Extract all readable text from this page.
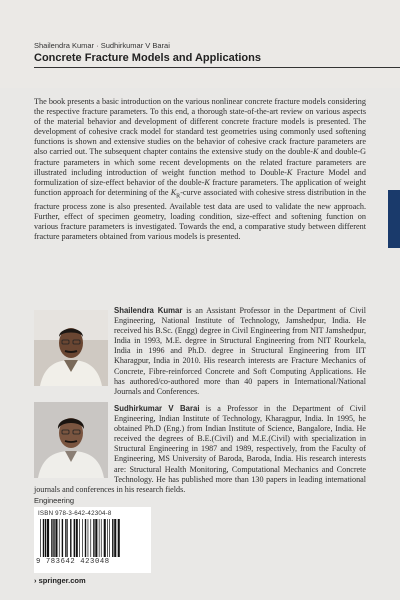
Shailendra Kumar · Sudhirkumar V Barai
Concrete Fracture Models and Applications
The book presents a basic introduction on the various nonlinear concrete fracture models considering the respective fracture parameters. To this end, a thorough state-of-the-art review on various aspects of the material behavior and development of different concrete fracture models is presented. The development of cohesive crack model for standard test geometries using commonly used softening functions is shown and extensive studies on the behavior of cohesive crack fracture parameters are also carried out. The subsequent chapter contains the extensive study on the double-K and double-G fracture parameters in which some recent developments on the related fracture parameters are illustrated including introduction of weight function method to Double-K Fracture Model and formulization of size-effect behavior of the double-K fracture parameters. The application of weight function approach for determining of the $K_R$-curve associated with cohesive stress distribution in the fracture process zone is also presented. Available test data are used to validate the new approach. Further, effect of specimen geometry, loading condition, size-effect and softening function on various fracture parameters is investigated. Towards the end, a comparative study between different fracture parameters obtained from various models is presented.
Shailendra Kumar is an Assistant Professor in the Department of Civil Engineering, National Institute of Technology, Jamshedpur, India. He received his B.Sc. (Engg) degree in Civil Engineering from NIT Jamshedpur, India in 1993, M.E. degree in Structural Engineering from NIT Rourkela, India in 1996 and Ph.D. degree in Structural Engineering from IIT Kharagpur, India in 2010. His research interests are Fracture Mechanics of Concrete, Fibre-reinforced Concrete and Soft Computing Applications. He has authored/co-authored more than 40 papers in International/National Journals and Conferences.
Sudhirkumar V Barai is a Professor in the Department of Civil Engineering, Indian Institute of Technology, Kharagpur, India. In 1995, he obtained Ph.D (Eng.) from Indian Institute of Science, Bangalore, India. He received the degrees of B.E.(Civil) and M.E.(Civil) with specialization in Structural Engineering in 1987 and 1989, respectively, from the Faculty of Engineering, MS University of Baroda, Baroda, India. His research interests are: Structural Health Monitoring, Computational Mechanics and Concrete Technology. He has published more than 130 papers in leading international journals and conferences in his research fields.
Engineering
ISBN 978-3-642-42304-8
9 783642 423048
› springer.com
